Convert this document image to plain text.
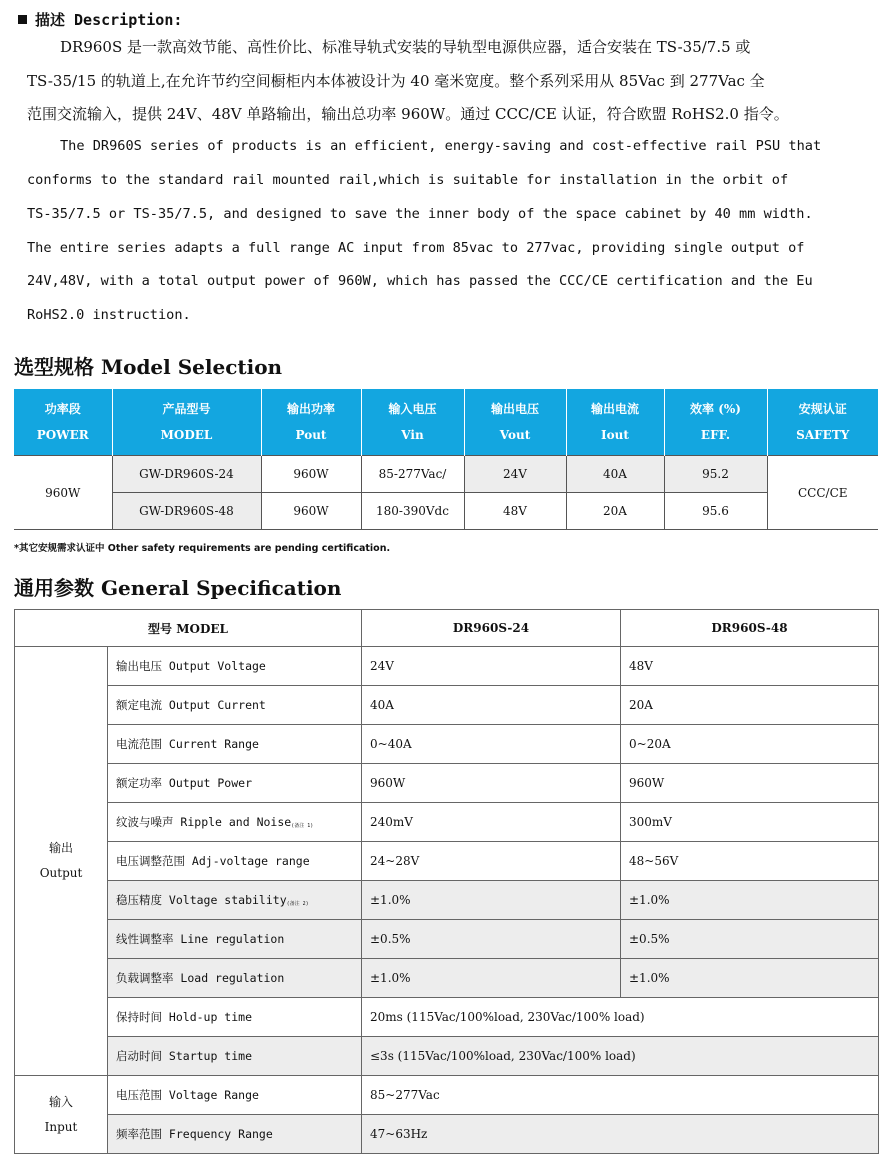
描述 Description:
DR960S 是一款高效节能、高性价比、标准导轨式安装的导轨型电源供应器，适合安装在 TS-35/7.5 或
TS-35/15 的轨道上,在允许节约空间橱柜内本体被设计为 40 毫米宽度。整个系列采用从 85Vac 到 277Vac 全
范围交流输入，提供 24V、48V 单路输出，输出总功率 960W。通过 CCC/CE 认证，符合欧盟 RoHS2.0 指令。
The DR960S series of products is an efficient, energy-saving and cost-effective rail PSU that
conforms to the standard rail mounted rail,which is suitable for installation in the orbit of
TS-35/7.5 or TS-35/7.5, and designed to save the inner body of the space cabinet by 40 mm width.
The entire series adapts a full range AC input from 85vac to 277vac, providing single output of
24V,48V, with a total output power of 960W, which has passed the CCC/CE certification and the Eu
RoHS2.0 instruction.
选型规格 Model Selection
功率段
POWER	产品型号
MODEL	输出功率
Pout	输入电压
Vin	输出电压
Vout	输出电流
Iout	效率 (%)
EFF.	安规认证
SAFETY
960W	GW-DR960S-24	960W	85-277Vac/	24V	40A	95.2	CCC/CE
	GW-DR960S-48	960W	180-390Vdc	48V	20A	95.6	
*其它安规需求认证中 Other safety requirements are pending certification.
通用参数 General Specification
型号 MODEL		DR960S-24	DR960S-48
输出
Output	输出电压 Output Voltage	24V	48V
	额定电流 Output Current	40A	20A
	电流范围 Current Range	0~40A	0~20A
	额定功率 Output Power	960W	960W
	纹波与噪声 Ripple and Noise$_{(备注 1)}$	240mV	300mV
	电压调整范围 Adj-voltage range	24~28V	48~56V
	稳压精度 Voltage stability$_{(备注 2)}$	±1.0%	±1.0%
	线性调整率 Line regulation	±0.5%	±0.5%
	负载调整率 Load regulation	±1.0%	±1.0%
	保持时间 Hold-up time	20ms (115Vac/100%load, 230Vac/100% load)	
	启动时间 Startup time	≤3s (115Vac/100%load, 230Vac/100% load)	
输入
Input	电压范围 Voltage Range	85~277Vac	
	频率范围 Frequency Range	47~63Hz	
